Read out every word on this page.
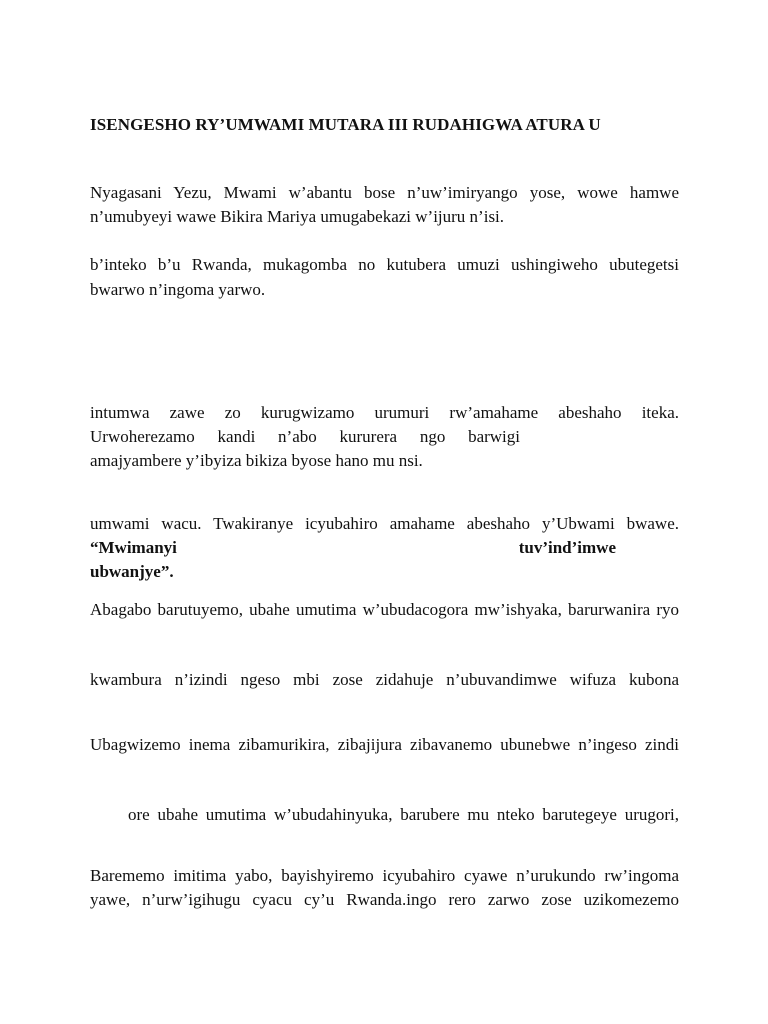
ISENGESHO RY’UMWAMI MUTARA III RUDAHIGWA ATURA U
Nyagasani Yezu, Mwami w’abantu bose n’uw’imiryango yose, wowe hamwe
n’umubyeyi wawe Bikira Mariya umugabekazi w’ijuru n’isi.
b’inteko b’u Rwanda, mukagomba no kutubera umuzi ushingiweho ubutegetsi
bwarwo n’ingoma yarwo.
intumwa zawe zo kurugwizamo urumuri rw’amahame abeshaho iteka.
Urwoherezamo kandi n’abo kururera ngo barwigi
amajyambere y’ibyiza bikiza byose hano mu nsi.
umwami wacu. Twakiranye icyubahiro amahame abeshaho y’Ubwami bwawe.
“Mwimanyi	tuv’ind’imwe
ubwanjye”.
Abagabo barutuyemo, ubahe umutima w’ubudacogora mw’ishyaka, barurwanira ryo
kwambura n’izindi ngeso mbi zose zidahuje n’ubuvandimwe wifuza kubona
Ubagwizemo inema zibamurikira, zibajijura zibavanemo ubunebwe n’ingeso zindi
ore ubahe umutima w’ubudahinyuka, barubere mu nteko barutegeye urugori,
Barememo imitima yabo, bayishyiremo icyubahiro cyawe n’urukundo rw’ingoma
yawe, n’urw’igihugu cyacu cy’u Rwanda.ingo rero zarwo zose uzikomezemo
